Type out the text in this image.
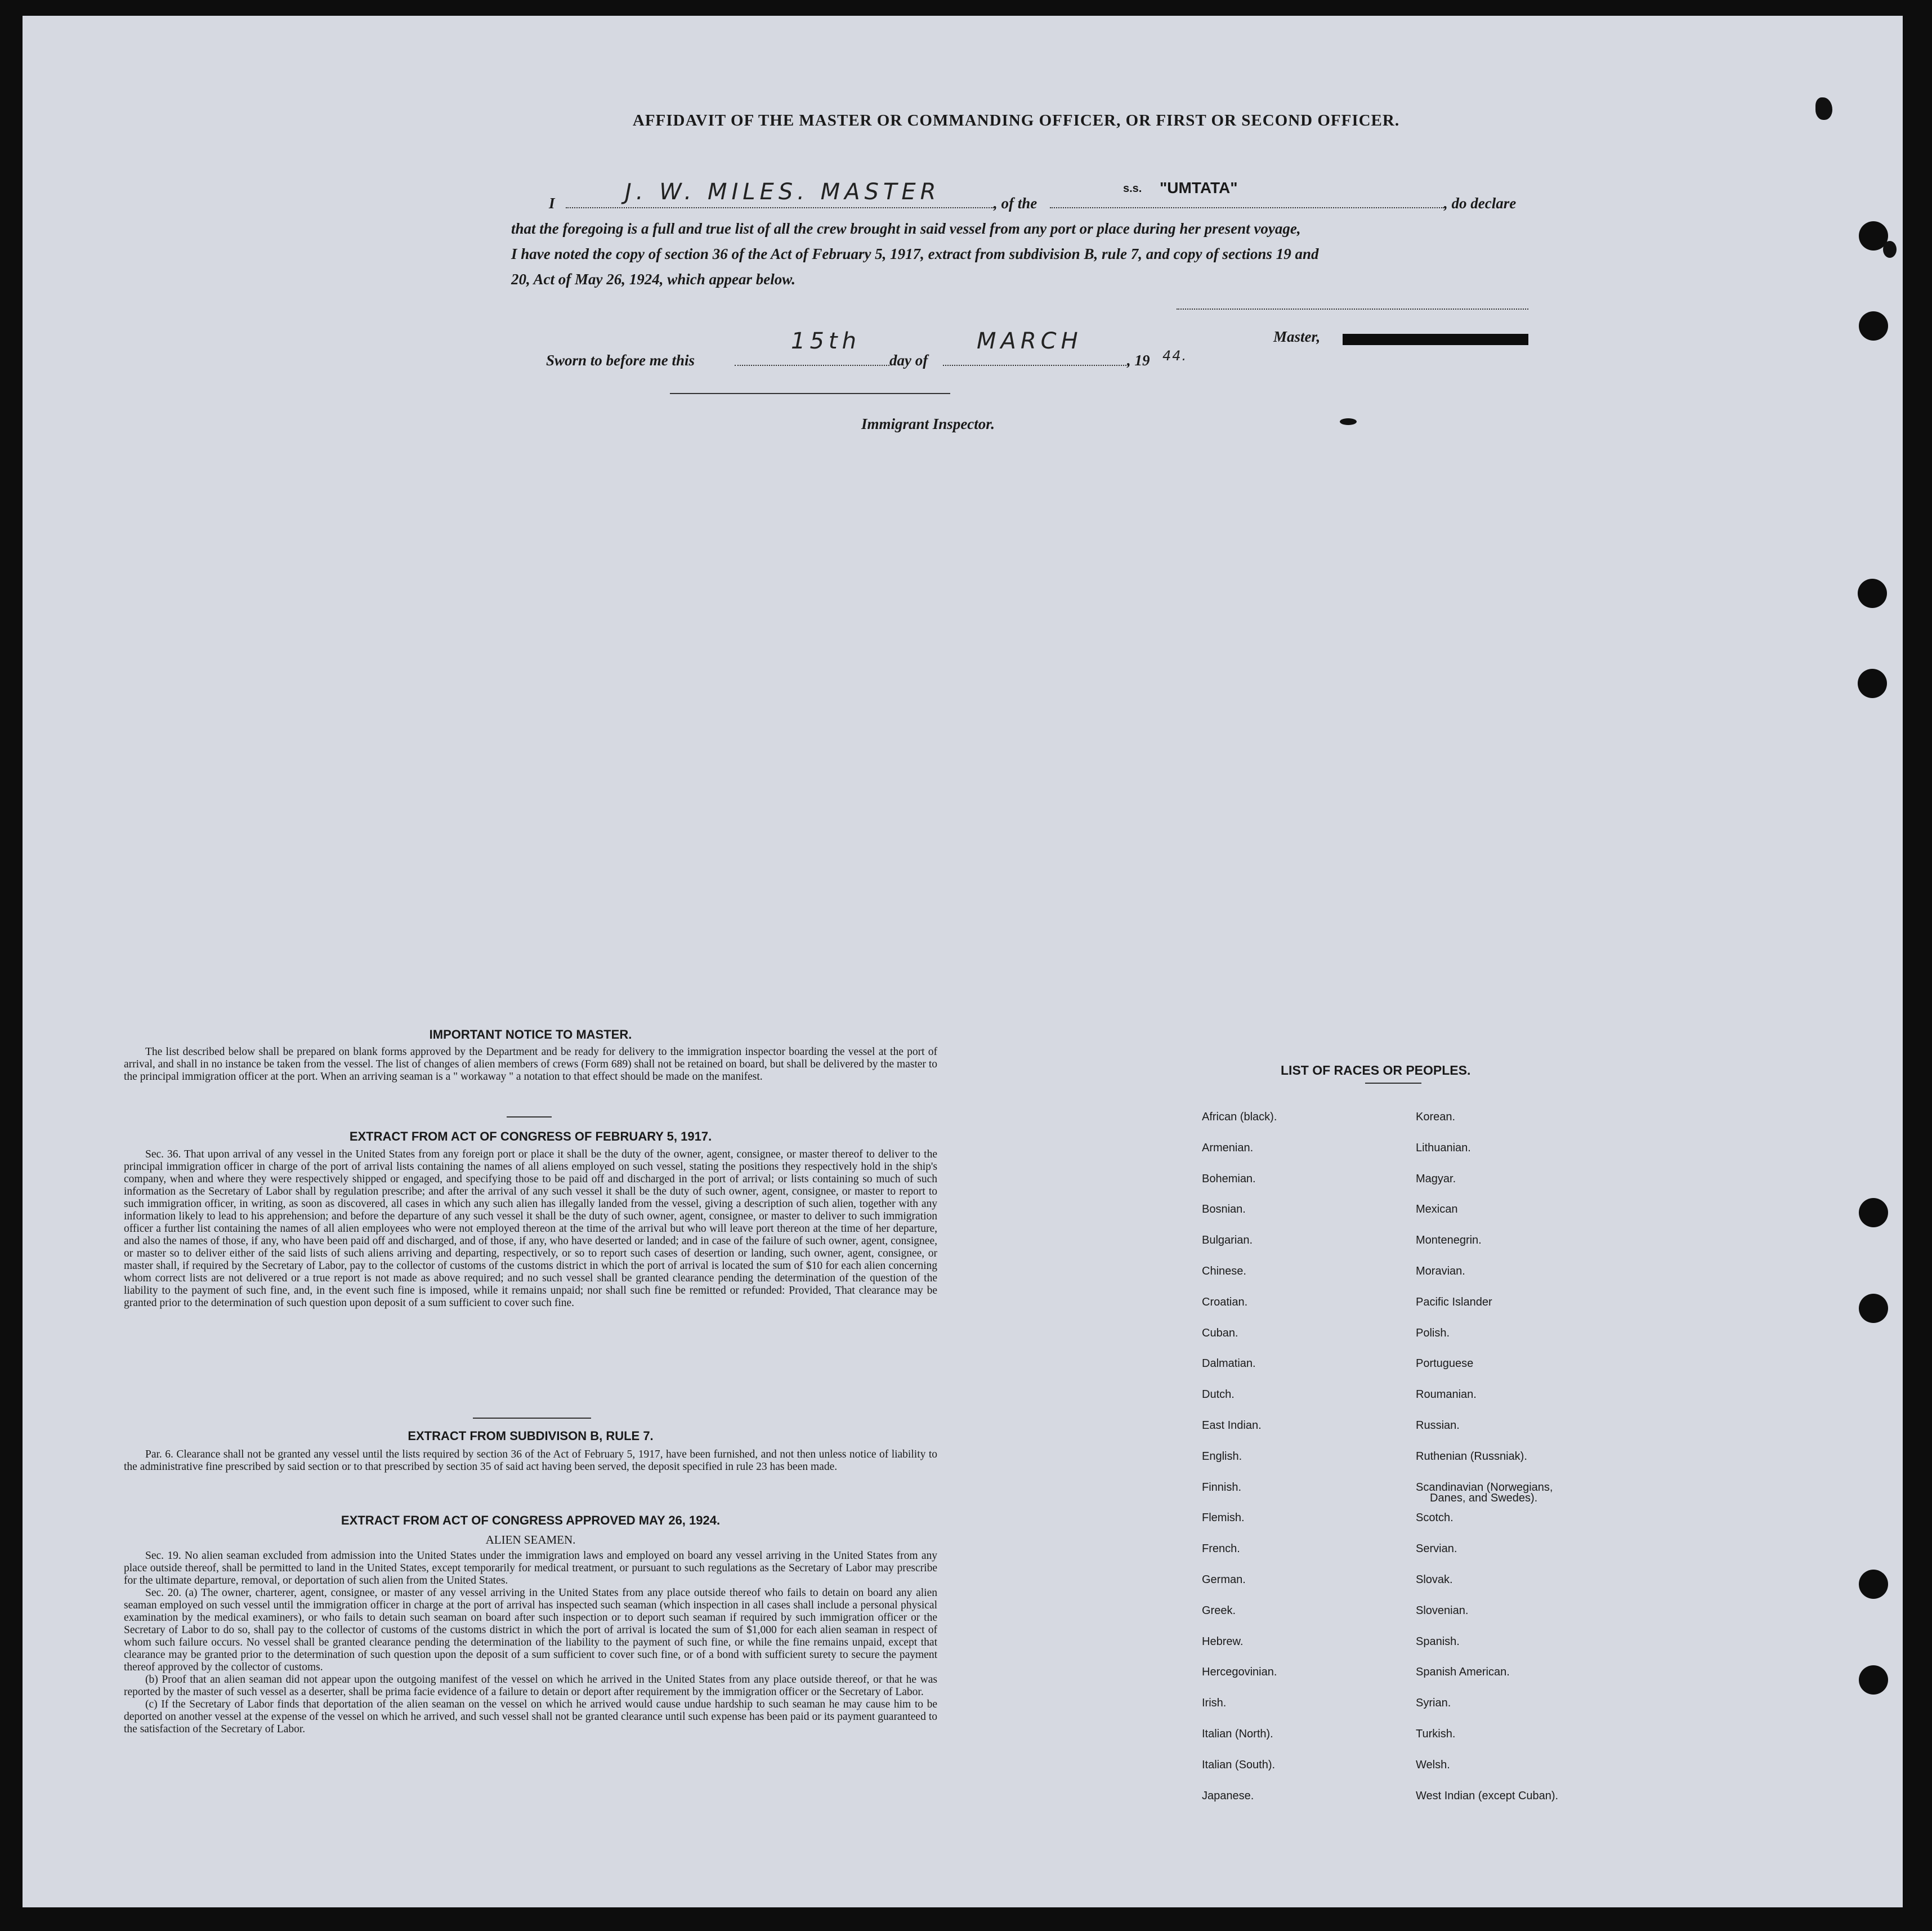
AFFIDAVIT OF THE MASTER OR COMMANDING OFFICER, OR FIRST OR SECOND OFFICER.
I	J. W. MILES. MASTER	, of the
s.s. "UMTATA"
, do declare
that the foregoing is a full and true list of all the crew brought in said vessel from any port or place during her present voyage,
I have noted the copy of section 36 of the Act of February 5, 1917, extract from subdivision B, rule 7, and copy of sections 19 and
20, Act of May 26, 1924, which appear below.
Master,
Sworn to before me this
15th
day of
MARCH
, 19 44.
Immigrant Inspector.
IMPORTANT NOTICE TO MASTER.

The list described below shall be prepared on blank forms approved by the Department and be ready for delivery to the immigration inspector boarding the vessel at the port of arrival, and shall in no instance be taken from the vessel. The list of changes of alien members of crews (Form 689) shall not be retained on board, but shall be delivered by the master to the principal immigration officer at the port. When an arriving seaman is a " workaway " a notation to that effect should be made on the manifest.

EXTRACT FROM ACT OF CONGRESS OF FEBRUARY 5, 1917.

Sec. 36. That upon arrival of any vessel in the United States from any foreign port or place it shall be the duty of the owner, agent, consignee, or master thereof to deliver to the principal immigration officer in charge of the port of arrival lists containing the names of all aliens employed on such vessel, stating the positions they respectively hold in the ship's company, when and where they were respectively shipped or engaged, and specifying those to be paid off and discharged in the port of arrival; or lists containing so much of such information as the Secretary of Labor shall by regulation prescribe; and after the arrival of any such vessel it shall be the duty of such owner, agent, consignee, or master to report to such immigration officer, in writing, as soon as discovered, all cases in which any such alien has illegally landed from the vessel, giving a description of such alien, together with any information likely to lead to his apprehension; and before the departure of any such vessel it shall be the duty of such owner, agent, consignee, or master to deliver to such immigration officer a further list containing the names of all alien employees who were not employed thereon at the time of the arrival but who will leave port thereon at the time of her departure, and also the names of those, if any, who have been paid off and discharged, and of those, if any, who have deserted or landed; and in case of the failure of such owner, agent, consignee, or master so to deliver either of the said lists of such aliens arriving and departing, respectively, or so to report such cases of desertion or landing, such owner, agent, consignee, or master shall, if required by the Secretary of Labor, pay to the collector of customs of the customs district in which the port of arrival is located the sum of $10 for each alien concerning whom correct lists are not delivered or a true report is not made as above required; and no such vessel shall be granted clearance pending the determination of the question of the liability to the payment of such fine, and, in the event such fine is imposed, while it remains unpaid; nor shall such fine be remitted or refunded: Provided, That clearance may be granted prior to the determination of such question upon deposit of a sum sufficient to cover such fine.

EXTRACT FROM SUBDIVISON B, RULE 7.

Par. 6. Clearance shall not be granted any vessel until the lists required by section 36 of the Act of February 5, 1917, have been furnished, and not then unless notice of liability to the administrative fine prescribed by said section or to that prescribed by section 35 of said act having been served, the deposit specified in rule 23 has been made.

EXTRACT FROM ACT OF CONGRESS APPROVED MAY 26, 1924.
ALIEN SEAMEN.

Sec. 19. No alien seaman excluded from admission into the United States under the immigration laws and employed on board any vessel arriving in the United States from any place outside thereof, shall be permitted to land in the United States, except temporarily for medical treatment, or pursuant to such regulations as the Secretary of Labor may prescribe for the ultimate departure, removal, or deportation of such alien from the United States.

Sec. 20. (a) The owner, charterer, agent, consignee, or master of any vessel arriving in the United States from any place outside thereof who fails to detain on board any alien seaman employed on such vessel until the immigration officer in charge at the port of arrival has inspected such seaman (which inspection in all cases shall include a personal physical examination by the medical examiners), or who fails to detain such seaman on board after such inspection or to deport such seaman if required by such immigration officer or the Secretary of Labor to do so, shall pay to the collector of customs of the customs district in which the port of arrival is located the sum of $1,000 for each alien seaman in respect of whom such failure occurs. No vessel shall be granted clearance pending the determination of the liability to the payment of such fine, or while the fine remains unpaid, except that clearance may be granted prior to the determination of such question upon the deposit of a sum sufficient to cover such fine, or of a bond with sufficient surety to secure the payment thereof approved by the collector of customs.

(b) Proof that an alien seaman did not appear upon the outgoing manifest of the vessel on which he arrived in the United States from any place outside thereof, or that he was reported by the master of such vessel as a deserter, shall be prima facie evidence of a failure to detain or deport after requirement by the immigration officer or the Secretary of Labor.

(c) If the Secretary of Labor finds that deportation of the alien seaman on the vessel on which he arrived would cause undue hardship to such seaman he may cause him to be deported on another vessel at the expense of the vessel on which he arrived, and such vessel shall not be granted clearance until such expense has been paid or its payment guaranteed to the satisfaction of the Secretary of Labor.

LIST OF RACES OR PEOPLES.
African (black).
Armenian.
Bohemian.
Bosnian.
Bulgarian.
Chinese.
Croatian.
Cuban.
Dalmatian.
Dutch.
East Indian.
English.
Finnish.
Flemish.
French.
German.
Greek.
Hebrew.
Hercegovinian.
Irish.
Italian (North).
Italian (South).
Japanese.
Korean.
Lithuanian.
Magyar.
Mexican
Montenegrin.
Moravian.
Pacific Islander
Polish.
Portuguese
Roumanian.
Russian.
Ruthenian (Russniak).
Scandinavian (Norwegians,
Scotch.
Servian.
Slovak.
Slovenian.
Spanish.
Spanish American.
Syrian.
Turkish.
Welsh.
West Indian (except Cuban).
Danes, and Swedes).
